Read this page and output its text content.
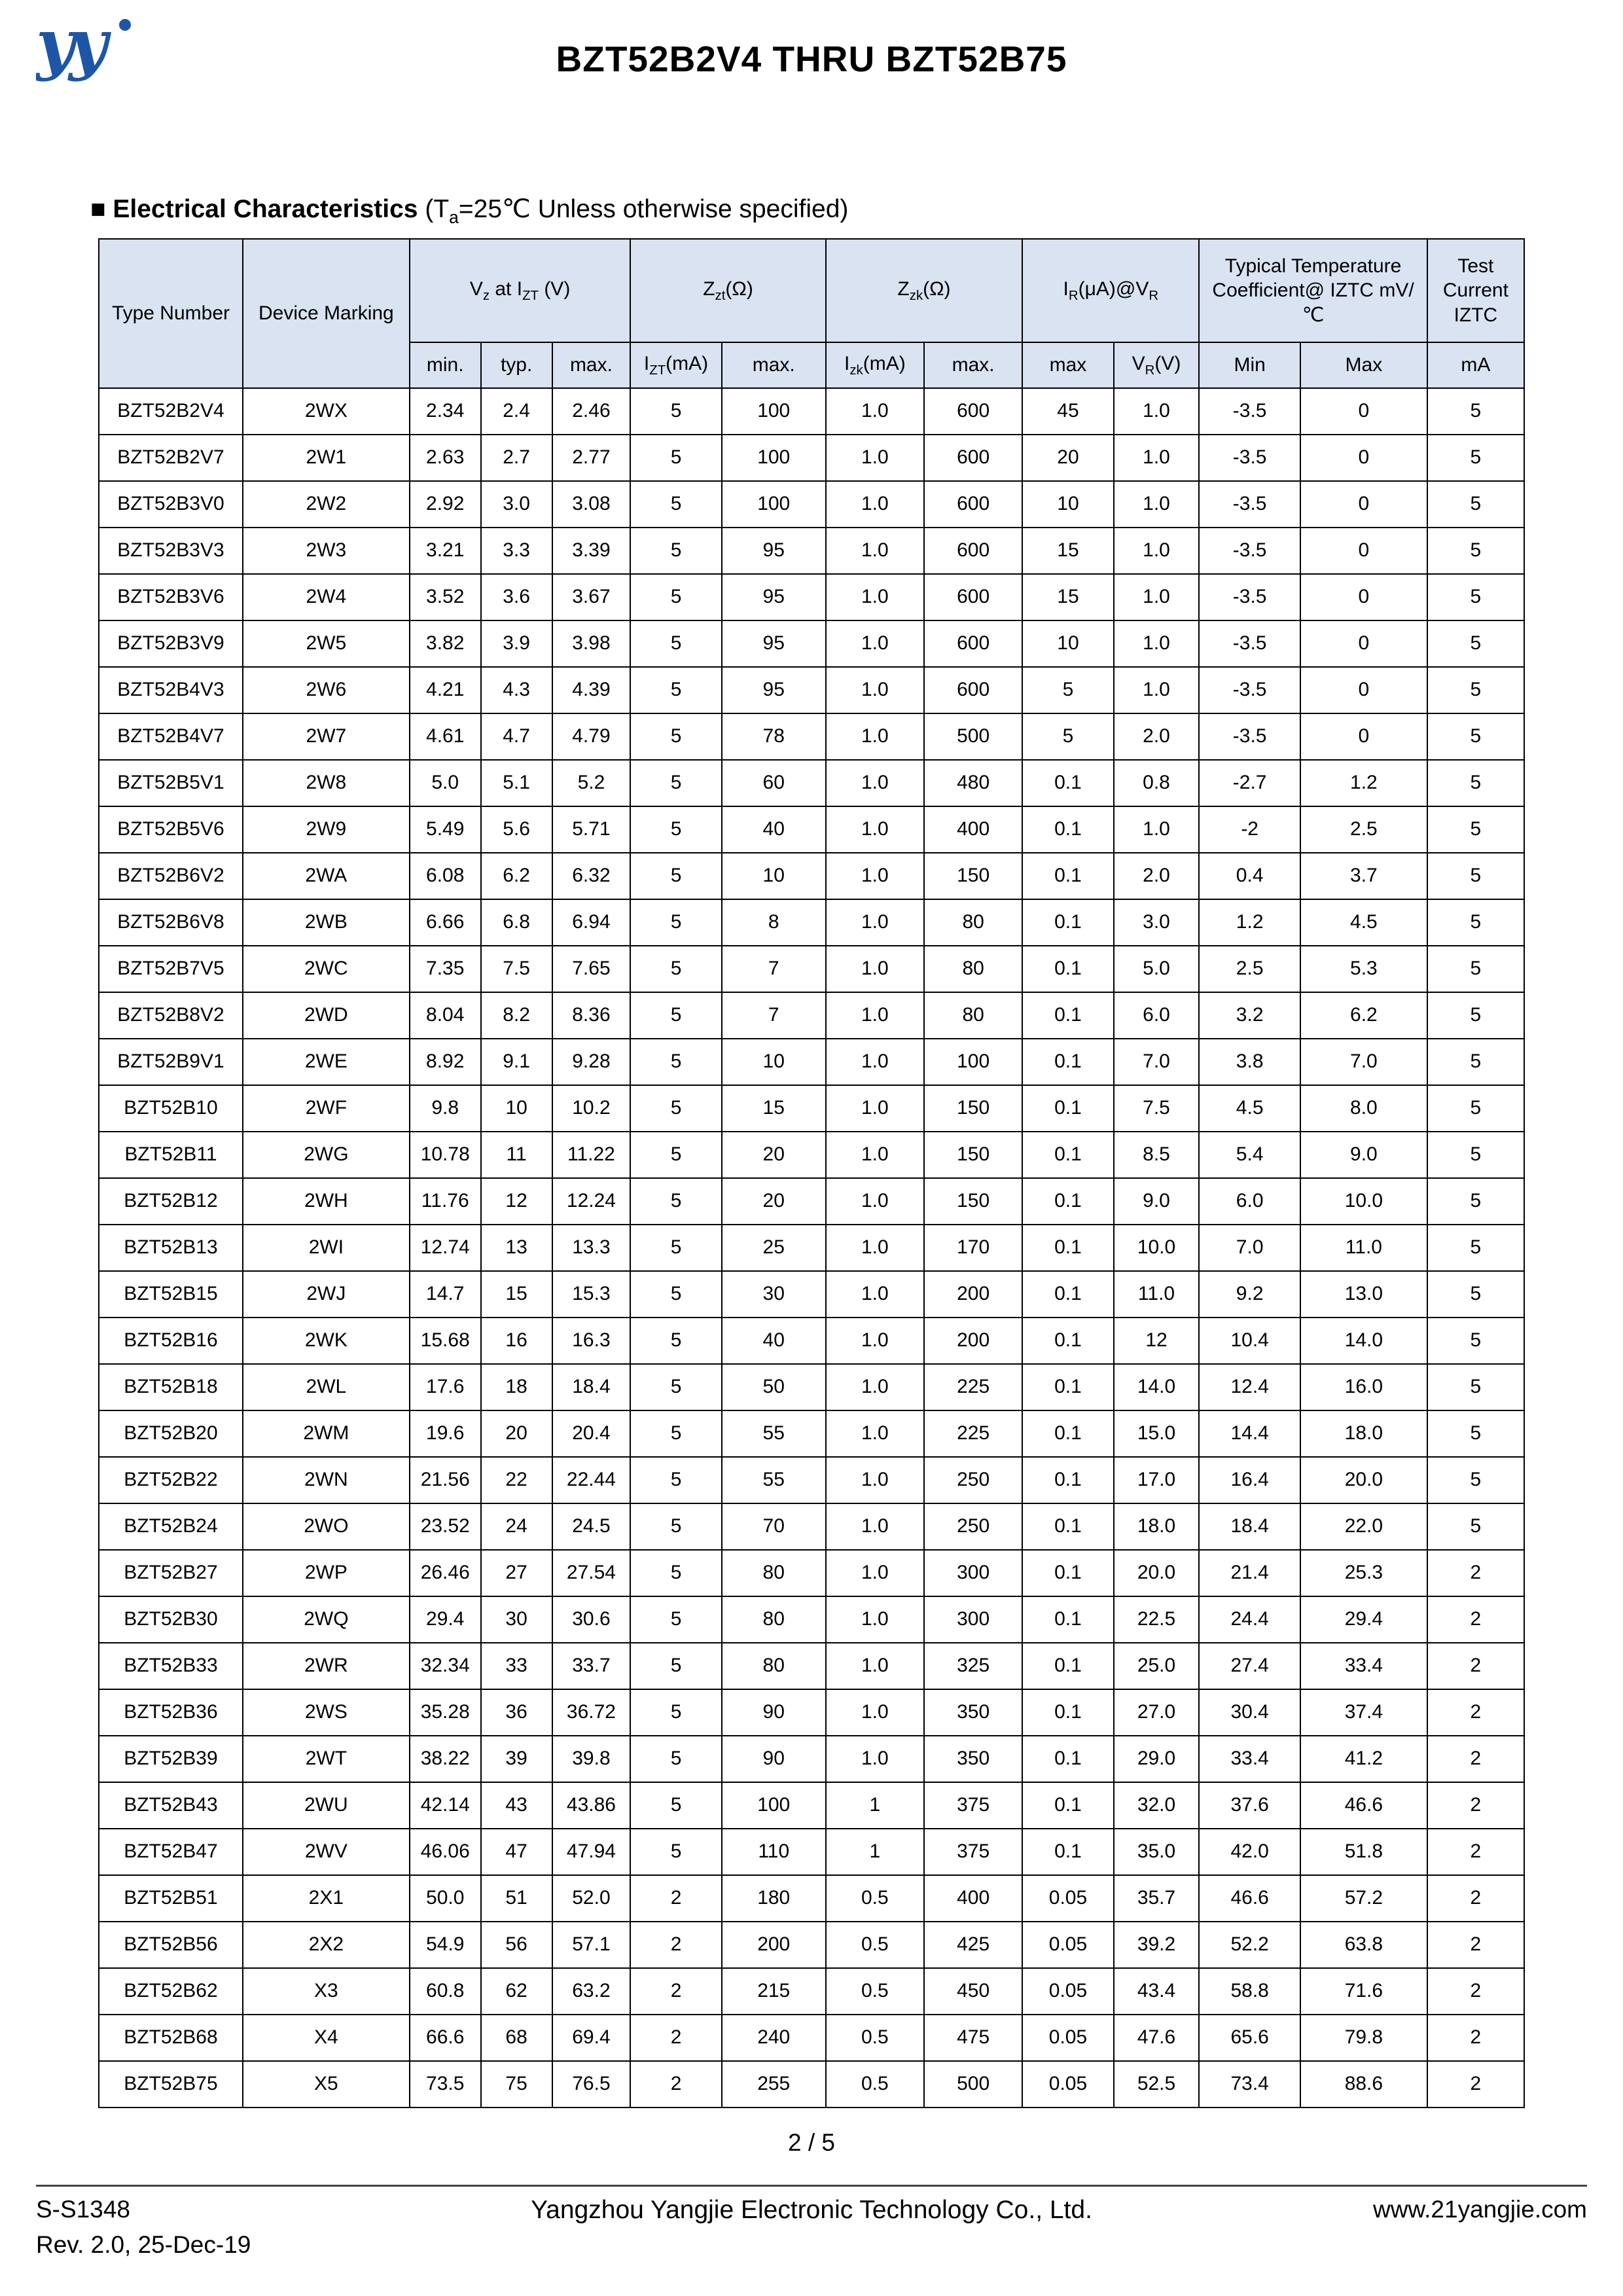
y
y	BZT52B2V4 THRU BZT52B75
■ Electrical Characteristics ($T_a=25℃$ Unless otherwise specified)
Type Number	Device Marking	$V_z$ at $I_{ZT}$ (V)			$Z_{zt}(\Omega)$		$Z_{zk}(\Omega)$		$I_R(\mu A)@V_R$		Typical Temperature Coefficient@ IZTC mV/℃		Test Current IZTC
		min.	typ.	max.	$I_{ZT}(mA)$	max.	$I_{zk}(mA)$	max.	max	$V_R(V)$	Min	Max	mA
BZT52B2V4	2WX	2.34	2.4	2.46	5	100	1.0	600	45	1.0	-3.5	0	5
BZT52B2V7	2W1	2.63	2.7	2.77	5	100	1.0	600	20	1.0	-3.5	0	5
BZT52B3V0	2W2	2.92	3.0	3.08	5	100	1.0	600	10	1.0	-3.5	0	5
BZT52B3V3	2W3	3.21	3.3	3.39	5	95	1.0	600	15	1.0	-3.5	0	5
BZT52B3V6	2W4	3.52	3.6	3.67	5	95	1.0	600	15	1.0	-3.5	0	5
BZT52B3V9	2W5	3.82	3.9	3.98	5	95	1.0	600	10	1.0	-3.5	0	5
BZT52B4V3	2W6	4.21	4.3	4.39	5	95	1.0	600	5	1.0	-3.5	0	5
BZT52B4V7	2W7	4.61	4.7	4.79	5	78	1.0	500	5	2.0	-3.5	0	5
BZT52B5V1	2W8	5.0	5.1	5.2	5	60	1.0	480	0.1	0.8	-2.7	1.2	5
BZT52B5V6	2W9	5.49	5.6	5.71	5	40	1.0	400	0.1	1.0	-2	2.5	5
BZT52B6V2	2WA	6.08	6.2	6.32	5	10	1.0	150	0.1	2.0	0.4	3.7	5
BZT52B6V8	2WB	6.66	6.8	6.94	5	8	1.0	80	0.1	3.0	1.2	4.5	5
BZT52B7V5	2WC	7.35	7.5	7.65	5	7	1.0	80	0.1	5.0	2.5	5.3	5
BZT52B8V2	2WD	8.04	8.2	8.36	5	7	1.0	80	0.1	6.0	3.2	6.2	5
BZT52B9V1	2WE	8.92	9.1	9.28	5	10	1.0	100	0.1	7.0	3.8	7.0	5
BZT52B10	2WF	9.8	10	10.2	5	15	1.0	150	0.1	7.5	4.5	8.0	5
BZT52B11	2WG	10.78	11	11.22	5	20	1.0	150	0.1	8.5	5.4	9.0	5
BZT52B12	2WH	11.76	12	12.24	5	20	1.0	150	0.1	9.0	6.0	10.0	5
BZT52B13	2WI	12.74	13	13.3	5	25	1.0	170	0.1	10.0	7.0	11.0	5
BZT52B15	2WJ	14.7	15	15.3	5	30	1.0	200	0.1	11.0	9.2	13.0	5
BZT52B16	2WK	15.68	16	16.3	5	40	1.0	200	0.1	12	10.4	14.0	5
BZT52B18	2WL	17.6	18	18.4	5	50	1.0	225	0.1	14.0	12.4	16.0	5
BZT52B20	2WM	19.6	20	20.4	5	55	1.0	225	0.1	15.0	14.4	18.0	5
BZT52B22	2WN	21.56	22	22.44	5	55	1.0	250	0.1	17.0	16.4	20.0	5
BZT52B24	2WO	23.52	24	24.5	5	70	1.0	250	0.1	18.0	18.4	22.0	5
BZT52B27	2WP	26.46	27	27.54	5	80	1.0	300	0.1	20.0	21.4	25.3	2
BZT52B30	2WQ	29.4	30	30.6	5	80	1.0	300	0.1	22.5	24.4	29.4	2
BZT52B33	2WR	32.34	33	33.7	5	80	1.0	325	0.1	25.0	27.4	33.4	2
BZT52B36	2WS	35.28	36	36.72	5	90	1.0	350	0.1	27.0	30.4	37.4	2
BZT52B39	2WT	38.22	39	39.8	5	90	1.0	350	0.1	29.0	33.4	41.2	2
BZT52B43	2WU	42.14	43	43.86	5	100	1	375	0.1	32.0	37.6	46.6	2
BZT52B47	2WV	46.06	47	47.94	5	110	1	375	0.1	35.0	42.0	51.8	2
BZT52B51	2X1	50.0	51	52.0	2	180	0.5	400	0.05	35.7	46.6	57.2	2
BZT52B56	2X2	54.9	56	57.1	2	200	0.5	425	0.05	39.2	52.2	63.8	2
BZT52B62	X3	60.8	62	63.2	2	215	0.5	450	0.05	43.4	58.8	71.6	2
BZT52B68	X4	66.6	68	69.4	2	240	0.5	475	0.05	47.6	65.6	79.8	2
BZT52B75	X5	73.5	75	76.5	2	255	0.5	500	0.05	52.5	73.4	88.6	2
2 / 5
S-S1348
Rev. 2.0, 25-Dec-19
Yangzhou Yangjie Electronic Technology Co., Ltd.	www.21yangjie.com
